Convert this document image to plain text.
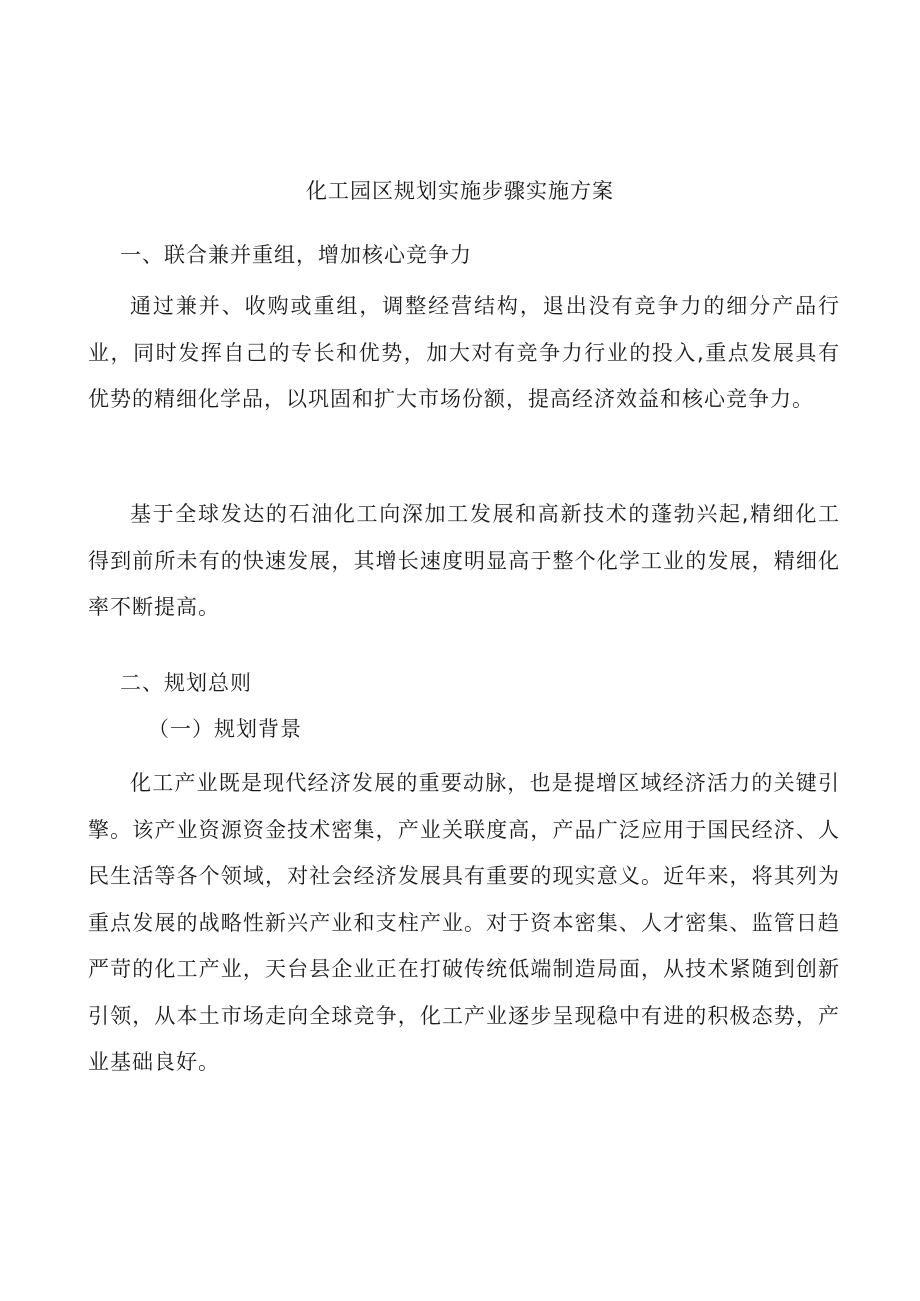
化工园区规划实施步骤实施方案
一、联合兼并重组，增加核心竞争力

通过兼并、收购或重组，调整经营结构，退出没有竞争力的细分产品行业，同时发挥自己的专长和优势，加大对有竞争力行业的投入,重点发展具有优势的精细化学品，以巩固和扩大市场份额，提高经济效益和核心竞争力。

基于全球发达的石油化工向深加工发展和高新技术的蓬勃兴起,精细化工得到前所未有的快速发展，其增长速度明显高于整个化学工业的发展，精细化率不断提高。

二、规划总则
（一）规划背景

化工产业既是现代经济发展的重要动脉，也是提增区域经济活力的关键引擎。该产业资源资金技术密集，产业关联度高，产品广泛应用于国民经济、人民生活等各个领域，对社会经济发展具有重要的现实意义。近年来，将其列为重点发展的战略性新兴产业和支柱产业。对于资本密集、人才密集、监管日趋严苛的化工产业，天台县企业正在打破传统低端制造局面，从技术紧随到创新引领，从本土市场走向全球竞争，化工产业逐步呈现稳中有进的积极态势，产业基础良好。
